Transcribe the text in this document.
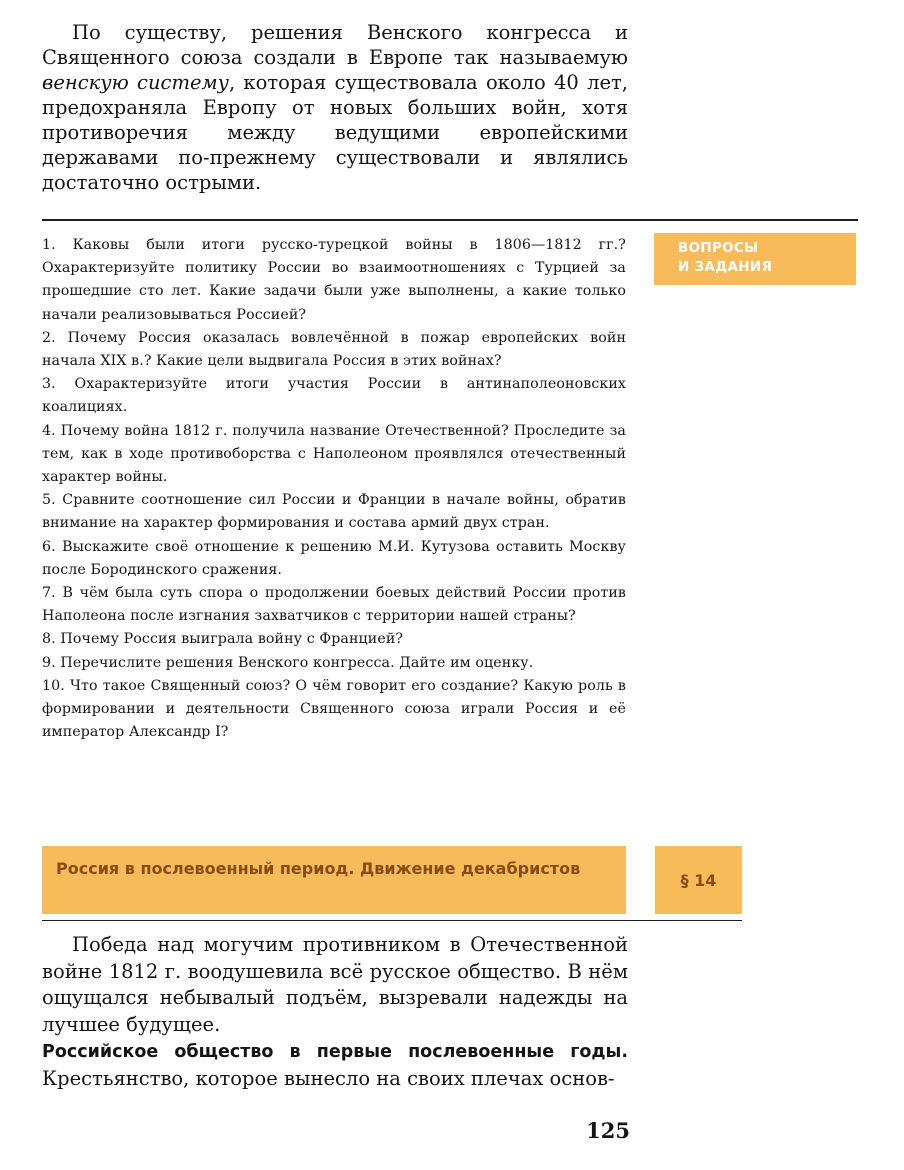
По существу, решения Венского конгресса и Священного союза создали в Европе так называемую венскую систему, которая существовала около 40 лет, предохраняла Европу от новых больших войн, хотя противоречия между ведущими европейскими державами по-прежнему существовали и являлись достаточно острыми.

ВОПРОСЫ
И ЗАДАНИЯ
1. Каковы были итоги русско-турецкой войны в 1806—1812 гг.? Охарактеризуйте политику России во взаимоотношениях с Турцией за прошедшие сто лет. Какие задачи были уже выполнены, а какие только начали реализовываться Россией?
2. Почему Россия оказалась вовлечённой в пожар европейских войн начала XIX в.? Какие цели выдвигала Россия в этих войнах?
3. Охарактеризуйте итоги участия России в антинаполеоновских коалициях.
4. Почему война 1812 г. получила название Отечественной? Проследите за тем, как в ходе противоборства с Наполеоном проявлялся отечественный характер войны.
5. Сравните соотношение сил России и Франции в начале войны, обратив внимание на характер формирования и состава армий двух стран.
6. Выскажите своё отношение к решению М.И. Кутузова оставить Москву после Бородинского сражения.
7. В чём была суть спора о продолжении боевых действий России против Наполеона после изгнания захватчиков с территории нашей страны?
8. Почему Россия выиграла войну с Францией?
9. Перечислите решения Венского конгресса. Дайте им оценку.
10. Что такое Священный союз? О чём говорит его создание? Какую роль в формировании и деятельности Священного союза играли Россия и её император Александр I?
Россия в послевоенный период. Движение декабристов
§ 14
Победа над могучим противником в Отечественной войне 1812 г. воодушевила всё русское общество. В нём ощущался небывалый подъём, вызревали надежды на лучшее будущее.
Российское общество в первые послевоенные годы. Крестьянство, которое вынесло на своих плечах основ-
125
